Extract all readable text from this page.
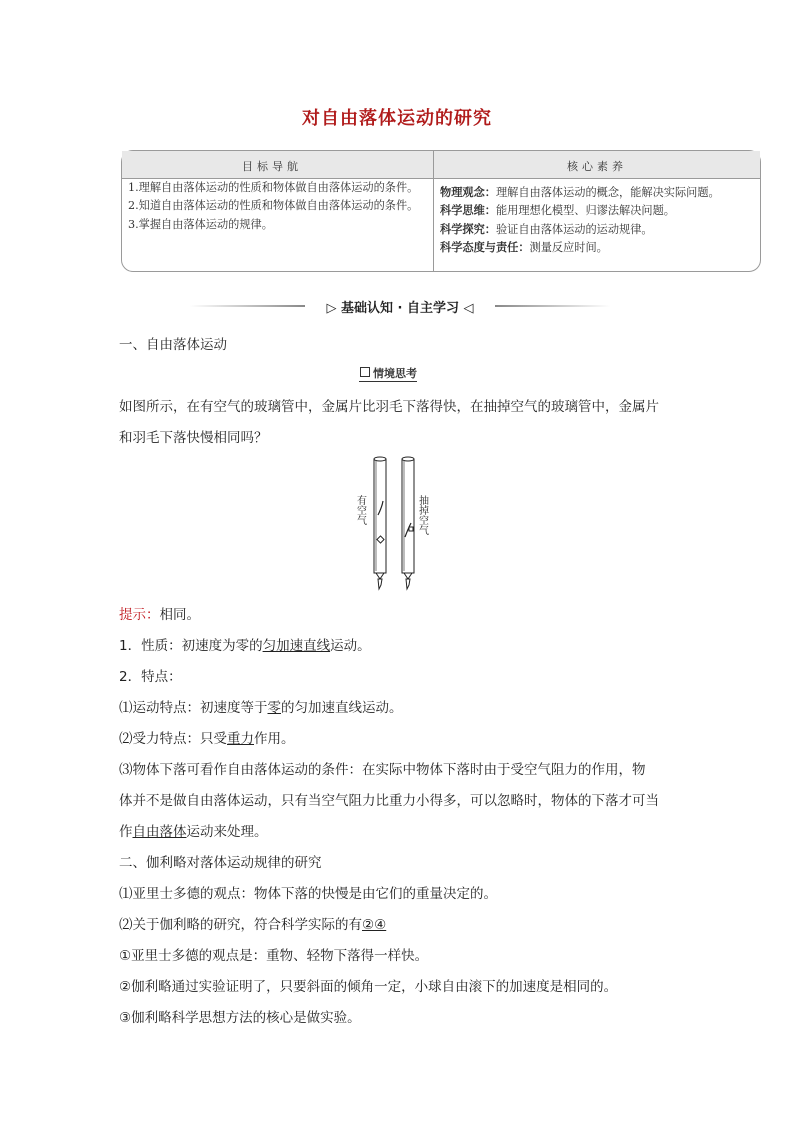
对自由落体运动的研究
目标导航	核心素养
1.理解自由落体运动的性质和物体做自由落体运动的条件。
2.知道自由落体运动的性质和物体做自由落体运动的条件。
3.掌握自由落体运动的规律。
物理观念：理解自由落体运动的概念，能解决实际问题。
科学思维：能用理想化模型、归谬法解决问题。
科学探究：验证自由落体运动的运动规律。
科学态度与责任：测量反应时间。
▷ 基础认知 · 自主学习 ◁
一、自由落体运动
情境思考
如图所示，在有空气的玻璃管中，金属片比羽毛下落得快，在抽掉空气的玻璃管中，金属片
和羽毛下落快慢相同吗？
有空气	抽掉空气
提示：相同。
1．性质：初速度为零的匀加速直线运动。
2．特点：
⑴运动特点：初速度等于零的匀加速直线运动。
⑵受力特点：只受重力作用。
⑶物体下落可看作自由落体运动的条件：在实际中物体下落时由于受空气阻力的作用，物
体并不是做自由落体运动，只有当空气阻力比重力小得多，可以忽略时，物体的下落才可当
作自由落体运动来处理。
二、伽利略对落体运动规律的研究
⑴亚里士多德的观点：物体下落的快慢是由它们的重量决定的。
⑵关于伽利略的研究，符合科学实际的有②④
①亚里士多德的观点是：重物、轻物下落得一样快。
②伽利略通过实验证明了，只要斜面的倾角一定，小球自由滚下的加速度是相同的。
③伽利略科学思想方法的核心是做实验。
